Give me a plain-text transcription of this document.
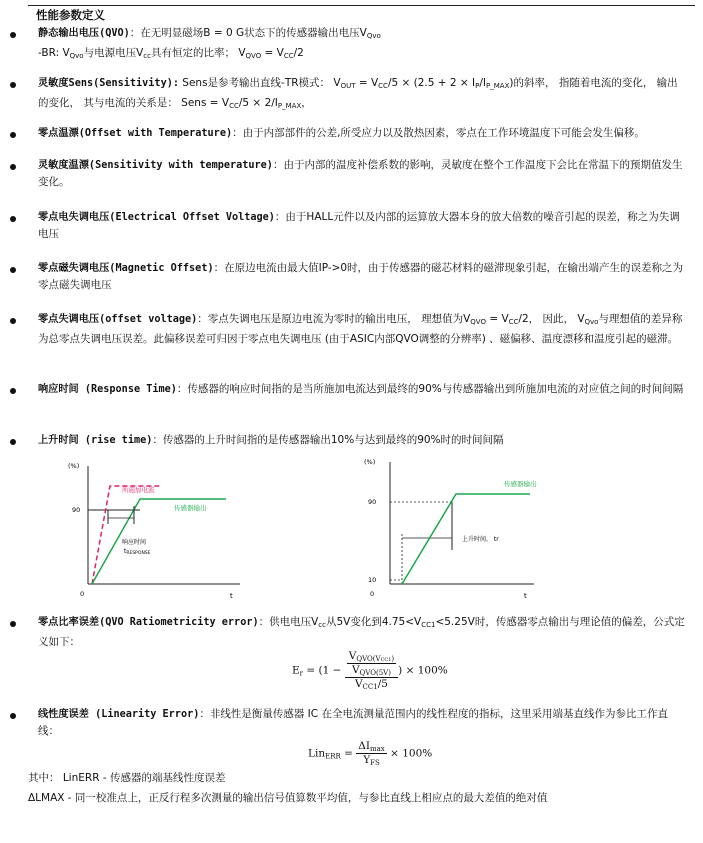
性能参数定义
静态输出电压(QVO)：在无明显磁场B = 0 G状态下的传感器输出电压$V_{Qvo}$
-BR: $V_{Qvo}$与电源电压$V_{cc}$具有恒定的比率； $V_{QVO} = V_{CC}/2$
灵敏度Sens(Sensitivity): Sens是参考输出直线-TR模式： $V_{OUT} = V_{CC}/5 \times (2.5 + 2 \times I_P/I_{P\_MAX})$的斜率， 指随着电流的变化， 输出
的变化， 其与电流的关系是： Sens = $V_{CC}/5 \times 2/I_{P\_MAX}$，
零点温漂(Offset with Temperature)：由于内部部件的公差,所受应力以及散热因素，零点在工作环境温度下可能会发生偏移。
灵敏度温漂(Sensitivity with temperature)：由于内部的温度补偿系数的影响，灵敏度在整个工作温度下会比在常温下的预期值发生变化。
零点电失调电压(Electrical Offset Voltage)：由于HALL元件以及内部的运算放大器本身的放大倍数的噪音引起的误差，称之为失调电压
零点磁失调电压(Magnetic Offset)：在原边电流由最大值IP->0时，由于传感器的磁芯材料的磁滞现象引起，在输出端产生的误差称之为零点磁失调电压
零点失调电压(offset voltage)：零点失调电压是原边电流为零时的输出电压， 理想值为$V_{QVO} = V_{CC}/2$， 因此， $V_{Qvo}$与理想值的差异称为总零点失调电压误差。此偏移误差可归因于零点电失调电压 (由于ASIC内部QVO调整的分辨率) 、磁偏移、温度漂移和温度引起的磁滞。
响应时间 (Response Time)：传感器的响应时间指的是当所施加电流达到最终的90%与传感器输出到所施加电流的对应值之间的时间间隔
上升时间 (rise time)：传感器的上升时间指的是传感器输出10%与达到最终的90%时的时间间隔
(%)
90
0	t
所施加电流
传感器输出
响应时间
tRESPONSE
(%)
90
10
0	t
传感器输出
上升时间， tr
零点比率误差(QVO Ratiometricity error)：供电电压$V_{cc}$从5V变化到$4.75<V_{CC1}<5.25V$时，传感器零点输出与理论值的偏差，公式定义如下：
$E_r = (1 - \frac{\frac{V_{QVO(VCC1)}}{V_{QVO(5V)}}}{V_{CC1}/5}$ ) × 100%
线性度误差 (Linearity Error)：非线性是衡量传感器 IC 在全电流测量范围内的线性程度的指标，这里采用端基直线作为参比工作直线：
$Lin_{ERR} = \frac{\Delta I_{max}}{Y_{FS}} \times 100\%$
其中： LinERR - 传感器的端基线性度误差
ΔLMAX - 同一校准点上，正反行程多次测量的输出信号值算数平均值，与参比直线上相应点的最大差值的绝对值
